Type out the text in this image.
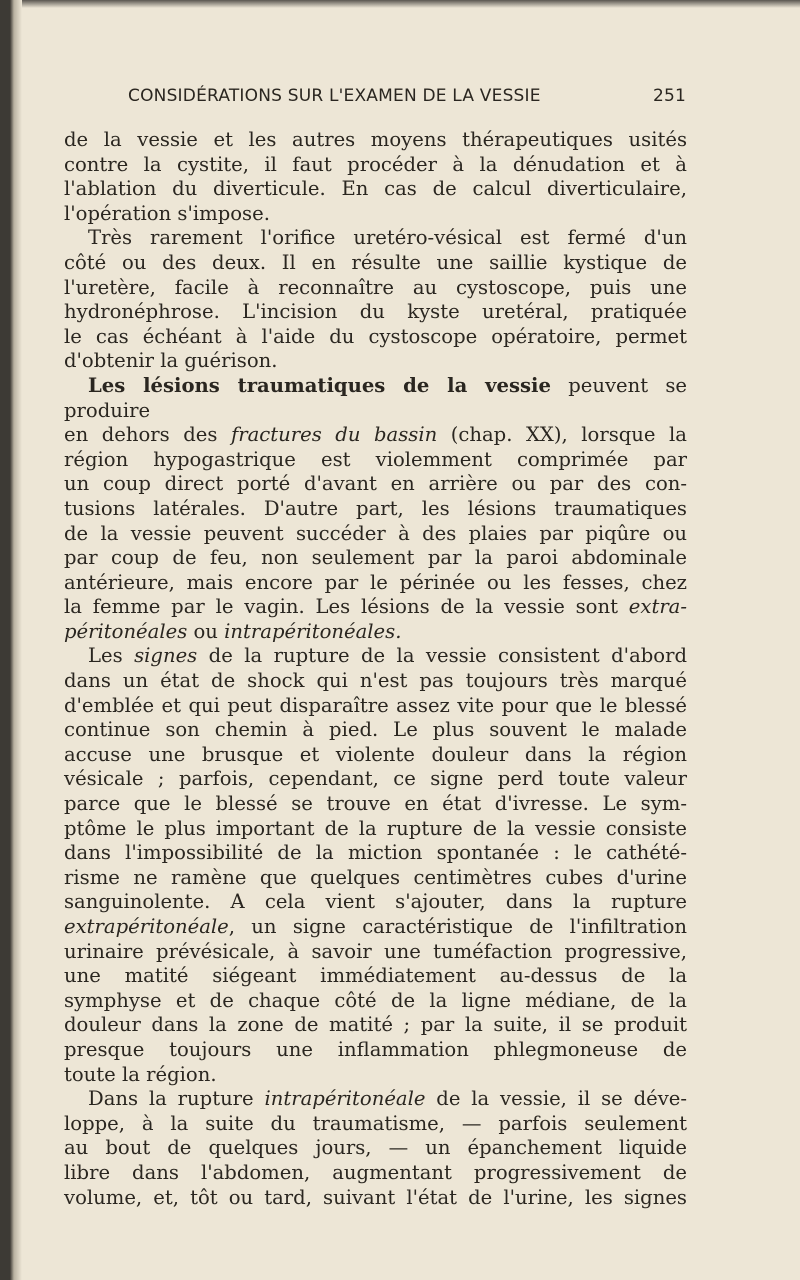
CONSIDÉRATIONS SUR L'EXAMEN DE LA VESSIE	251

de la vessie et les autres moyens thérapeutiques usités

contre la cystite, il faut procéder à la dénudation et à

l'ablation du diverticule. En cas de calcul diverticulaire,

l'opération s'impose.

Très rarement l'orifice uretéro-vésical est fermé d'un

côté ou des deux. Il en résulte une saillie kystique de

l'uretère, facile à reconnaître au cystoscope, puis une

hydronéphrose. L'incision du kyste uretéral, pratiquée

le cas échéant à l'aide du cystoscope opératoire, permet

d'obtenir la guérison.

Les lésions traumatiques de la vessie peuvent se produire

en dehors des fractures du bassin (chap. XX), lorsque la

région hypogastrique est violemment comprimée par

un coup direct porté d'avant en arrière ou par des con-

tusions latérales. D'autre part, les lésions traumatiques

de la vessie peuvent succéder à des plaies par piqûre ou

par coup de feu, non seulement par la paroi abdominale

antérieure, mais encore par le périnée ou les fesses, chez

la femme par le vagin. Les lésions de la vessie sont extra-

péritonéales ou intrapéritonéales.

Les signes de la rupture de la vessie consistent d'abord

dans un état de shock qui n'est pas toujours très marqué

d'emblée et qui peut disparaître assez vite pour que le blessé

continue son chemin à pied. Le plus souvent le malade

accuse une brusque et violente douleur dans la région

vésicale ; parfois, cependant, ce signe perd toute valeur

parce que le blessé se trouve en état d'ivresse. Le sym-

ptôme le plus important de la rupture de la vessie consiste

dans l'impossibilité de la miction spontanée : le cathété-

risme ne ramène que quelques centimètres cubes d'urine

sanguinolente. A cela vient s'ajouter, dans la rupture

extrapéritonéale, un signe caractéristique de l'infiltration

urinaire prévésicale, à savoir une tuméfaction progressive,

une matité siégeant immédiatement au-dessus de la

symphyse et de chaque côté de la ligne médiane, de la

douleur dans la zone de matité ; par la suite, il se produit

presque toujours une inflammation phlegmoneuse de

toute la région.

Dans la rupture intrapéritonéale de la vessie, il se déve-

loppe, à la suite du traumatisme, — parfois seulement

au bout de quelques jours, — un épanchement liquide

libre dans l'abdomen, augmentant progressivement de

volume, et, tôt ou tard, suivant l'état de l'urine, les signes
